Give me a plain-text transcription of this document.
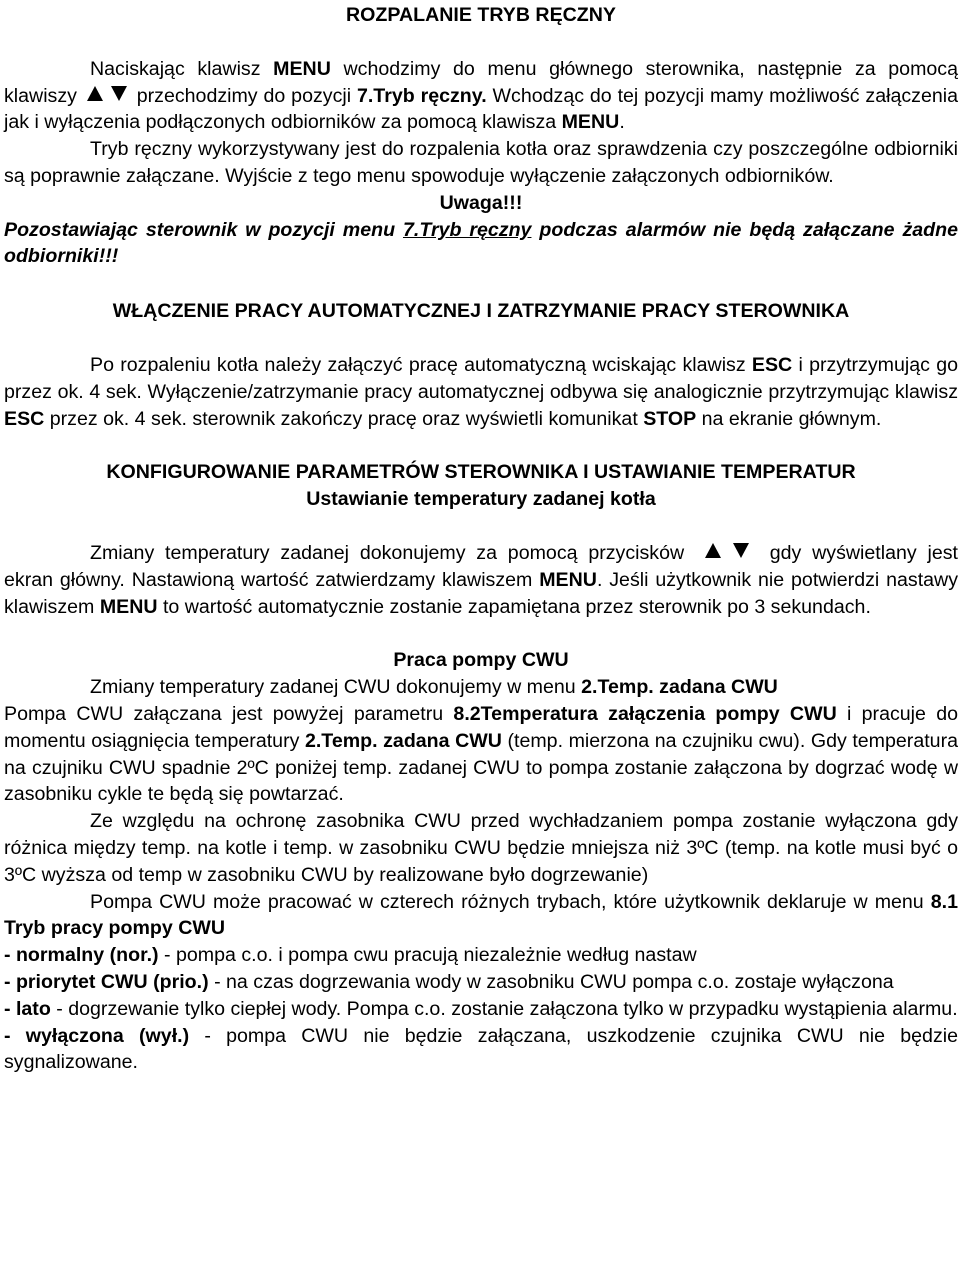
ROZPALANIE TRYB RĘCZNY

Naciskając klawisz MENU wchodzimy do menu głównego sterownika, następnie za pomocą klawiszy  przechodzimy do pozycji 7.Tryb ręczny. Wchodząc do tej pozycji mamy możliwość załączenia jak i wyłączenia podłączonych odbiorników za pomocą klawisza MENU.

Tryb ręczny wykorzystywany jest do rozpalenia kotła oraz sprawdzenia czy poszczególne odbiorniki są poprawnie załączane. Wyjście z tego menu spowoduje wyłączenie załączonych odbiorników.

Uwaga!!!

Pozostawiając sterownik w pozycji menu 7.Tryb ręczny podczas alarmów nie będą załączane żadne odbiorniki!!!

WŁĄCZENIE PRACY AUTOMATYCZNEJ I ZATRZYMANIE PRACY STEROWNIKA

Po rozpaleniu kotła należy załączyć pracę automatyczną wciskając klawisz ESC i przytrzymując go przez ok. 4 sek. Wyłączenie/zatrzymanie pracy automatycznej odbywa się analogicznie przytrzymując klawisz ESC przez ok. 4 sek. sterownik zakończy pracę oraz wyświetli komunikat STOP na ekranie głównym.

KONFIGUROWANIE PARAMETRÓW STEROWNIKA I USTAWIANIE TEMPERATUR

Ustawianie temperatury zadanej kotła

Zmiany temperatury zadanej dokonujemy za pomocą przycisków	gdy wyświetlany jest ekran główny. Nastawioną wartość zatwierdzamy klawiszem MENU. Jeśli użytkownik nie potwierdzi nastawy klawiszem MENU to wartość automatycznie zostanie zapamiętana przez sterownik po 3 sekundach.

Praca pompy CWU

Zmiany temperatury zadanej CWU dokonujemy w menu 2.Temp. zadana CWU

Pompa CWU załączana jest powyżej parametru 8.2Temperatura załączenia pompy CWU i pracuje do momentu osiągnięcia temperatury 2.Temp. zadana CWU (temp. mierzona na czujniku cwu). Gdy temperatura na czujniku CWU spadnie 2ºC poniżej temp. zadanej CWU to pompa zostanie załączona by dogrzać wodę w zasobniku cykle te będą się powtarzać.

Ze względu na ochronę zasobnika CWU przed wychładzaniem pompa zostanie wyłączona gdy różnica między temp. na kotle i temp. w zasobniku CWU będzie mniejsza niż 3ºC (temp. na kotle musi być o 3ºC wyższa od temp w zasobniku CWU by realizowane było dogrzewanie)

Pompa CWU może pracować w czterech różnych trybach, które użytkownik deklaruje w menu 8.1 Tryb pracy pompy CWU

- normalny (nor.) - pompa c.o. i pompa cwu pracują niezależnie według nastaw

- priorytet CWU (prio.) - na czas dogrzewania wody w zasobniku CWU pompa c.o. zostaje wyłączona

- lato - dogrzewanie tylko ciepłej wody. Pompa c.o. zostanie załączona tylko w przypadku wystąpienia alarmu.

- wyłączona (wył.) - pompa CWU nie będzie załączana, uszkodzenie czujnika CWU nie będzie sygnalizowane.
